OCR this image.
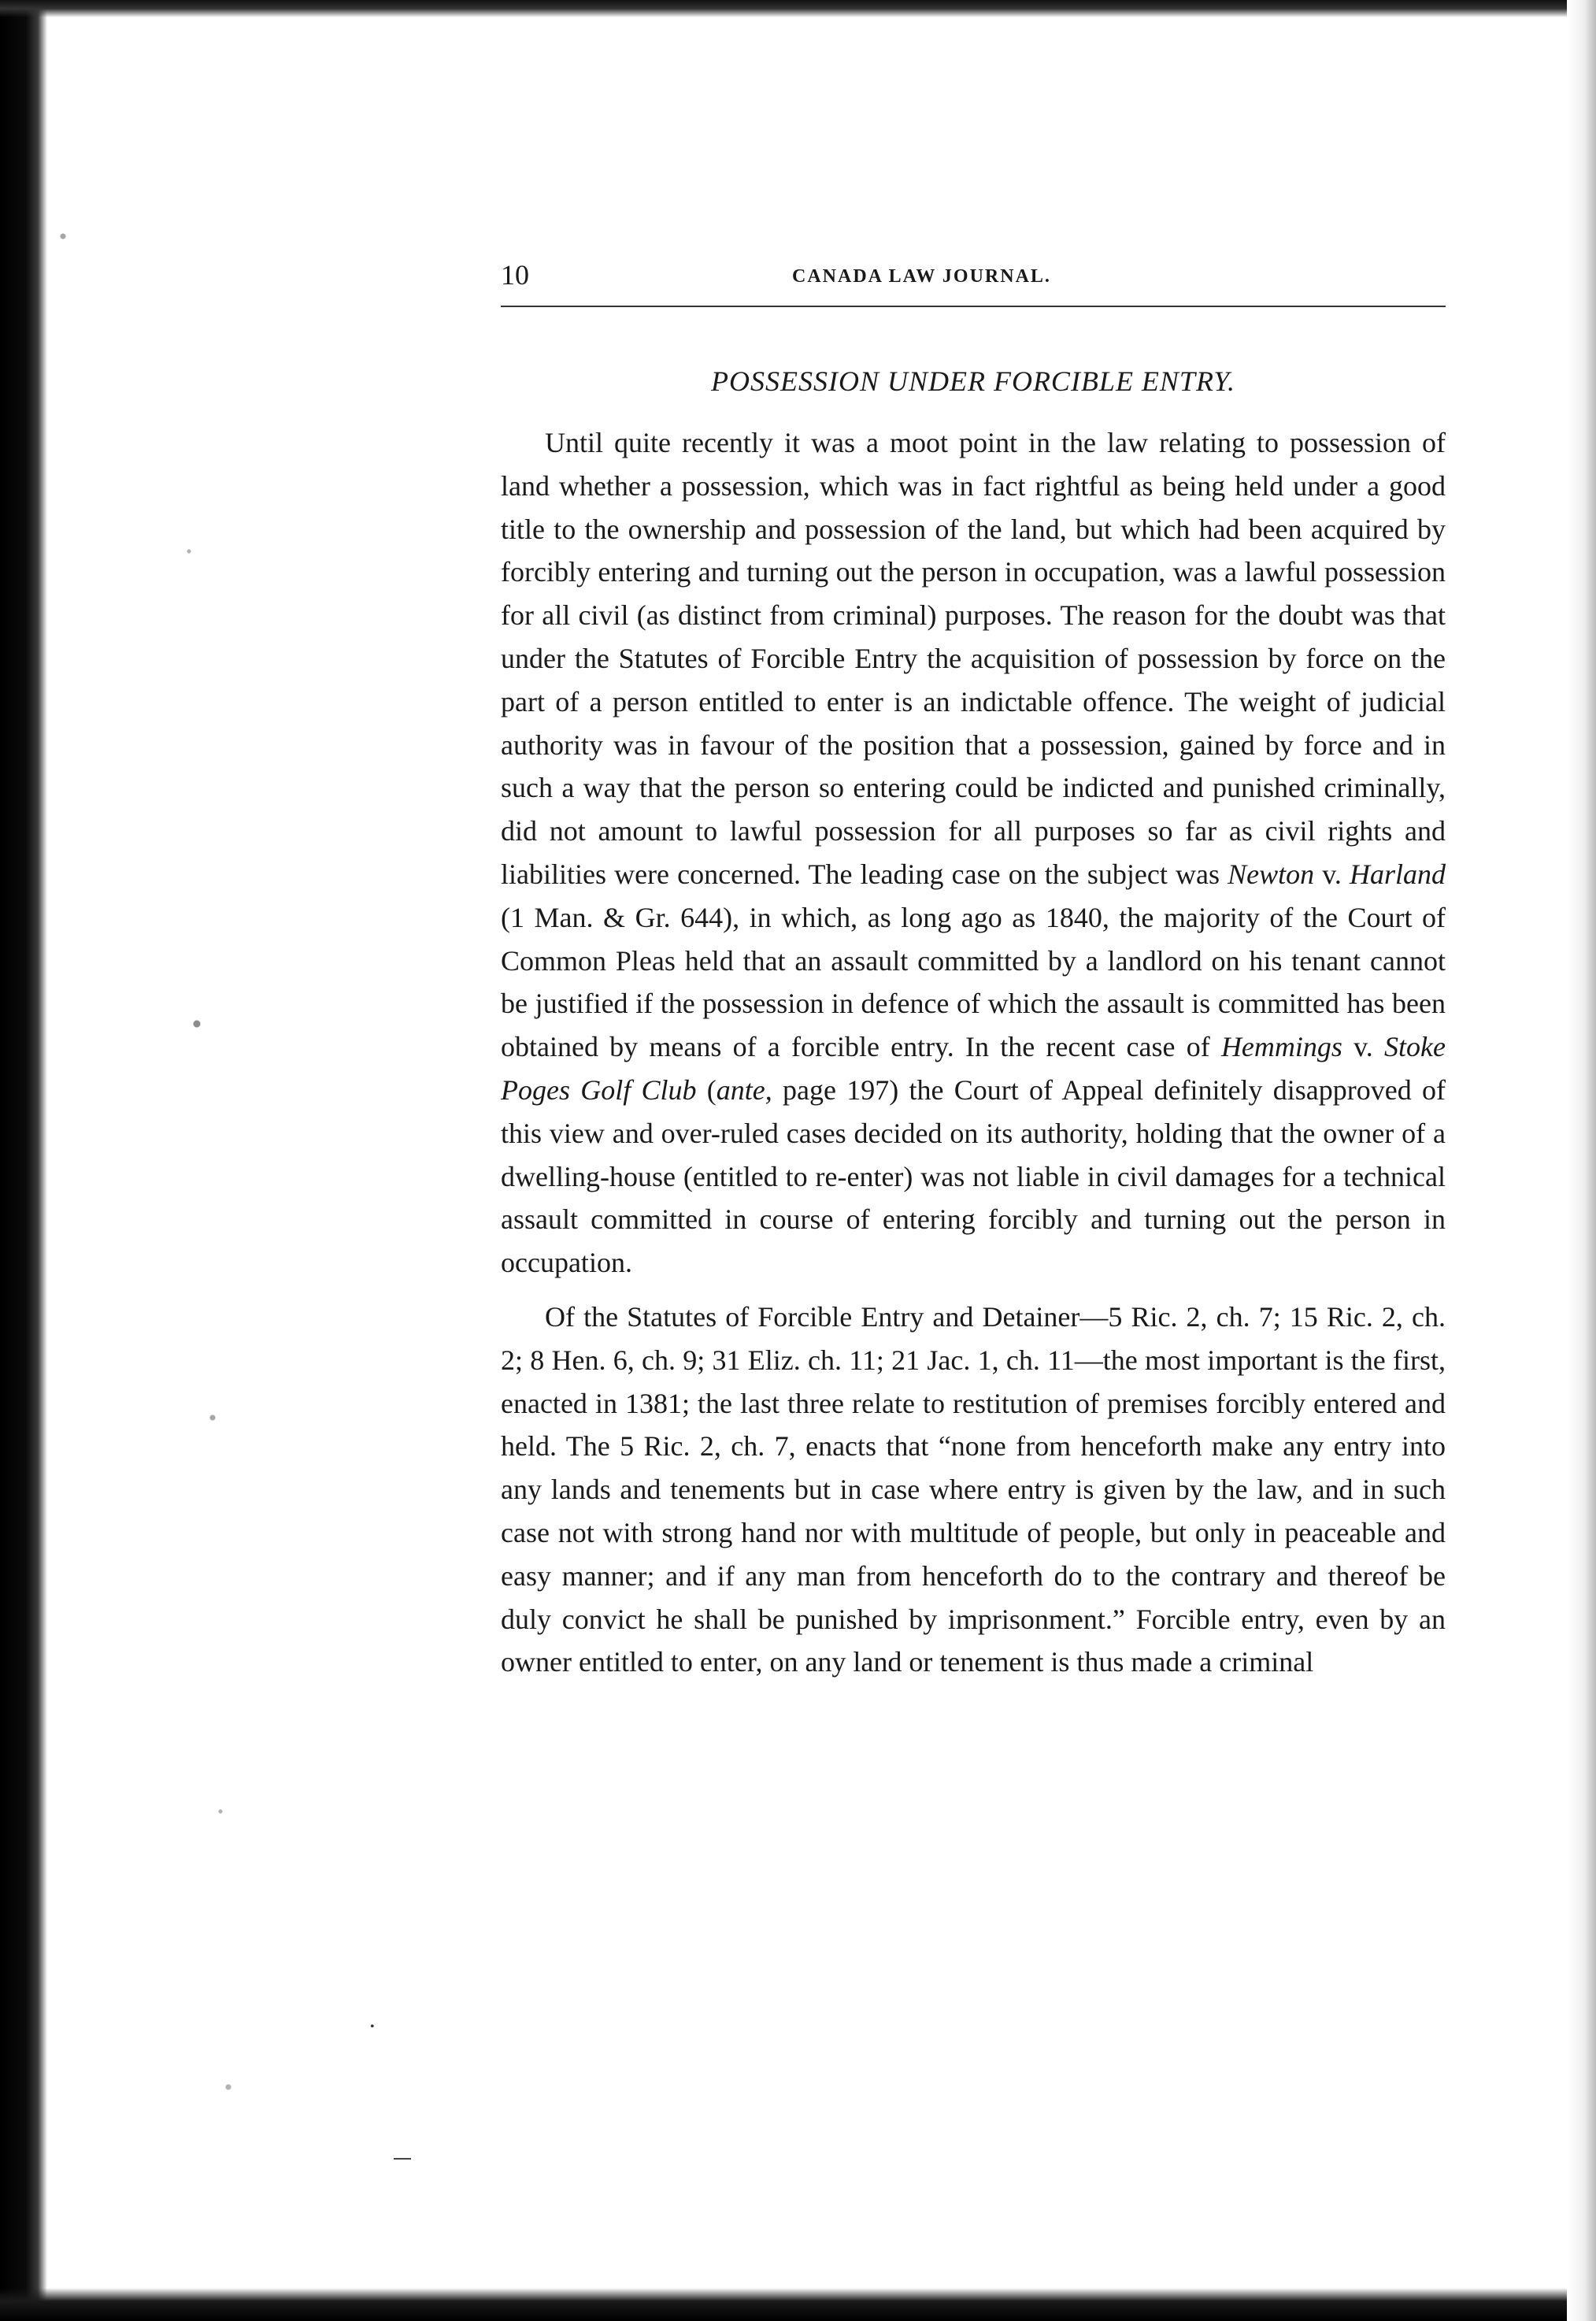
10	CANADA LAW JOURNAL.
POSSESSION UNDER FORCIBLE ENTRY.

Until quite recently it was a moot point in the law relating to possession of land whether a possession, which was in fact rightful as being held under a good title to the ownership and possession of the land, but which had been acquired by forcibly entering and turning out the person in occupation, was a lawful possession for all civil (as distinct from criminal) purposes. The reason for the doubt was that under the Statutes of Forcible Entry the acquisition of possession by force on the part of a person entitled to enter is an indictable offence. The weight of judicial authority was in favour of the position that a possession, gained by force and in such a way that the person so entering could be indicted and punished criminally, did not amount to lawful possession for all purposes so far as civil rights and liabilities were concerned. The leading case on the subject was Newton v. Harland (1 Man. & Gr. 644), in which, as long ago as 1840, the majority of the Court of Common Pleas held that an assault committed by a landlord on his tenant cannot be justified if the possession in defence of which the assault is committed has been obtained by means of a forcible entry. In the recent case of Hemmings v. Stoke Poges Golf Club (ante, page 197) the Court of Appeal definitely disapproved of this view and over-ruled cases decided on its authority, holding that the owner of a dwelling-house (entitled to re-enter) was not liable in civil damages for a technical assault committed in course of entering forcibly and turning out the person in occupation.

Of the Statutes of Forcible Entry and Detainer—5 Ric. 2, ch. 7; 15 Ric. 2, ch. 2; 8 Hen. 6, ch. 9; 31 Eliz. ch. 11; 21 Jac. 1, ch. 11—the most important is the first, enacted in 1381; the last three relate to restitution of premises forcibly entered and held. The 5 Ric. 2, ch. 7, enacts that “none from henceforth make any entry into any lands and tenements but in case where entry is given by the law, and in such case not with strong hand nor with multitude of people, but only in peaceable and easy manner; and if any man from henceforth do to the contrary and thereof be duly convict he shall be punished by imprisonment.” Forcible entry, even by an owner entitled to enter, on any land or tenement is thus made a criminal

•
